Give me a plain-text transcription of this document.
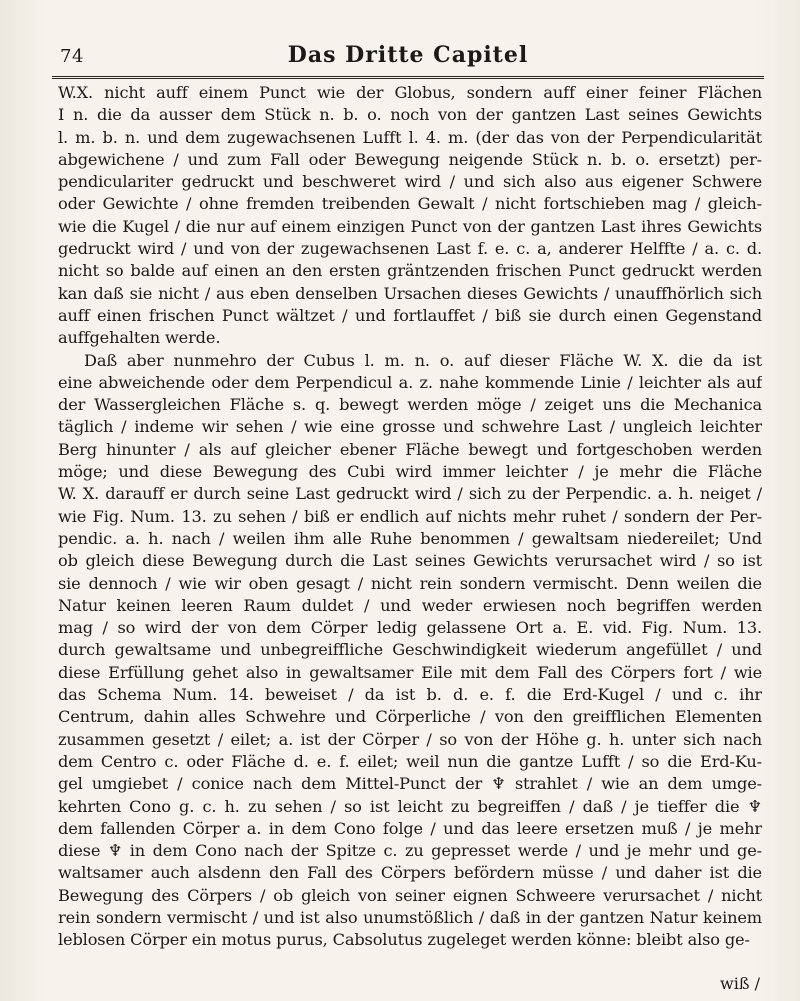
74	Das Dritte Capitel
W.X. nicht auff einem Punct wie der Globus, sondern auff einer feiner Flächen
I n. die da ausser dem Stück n. b. o. noch von der gantzen Last seines Gewichts
l. m. b. n. und dem zugewachsenen Lufft l. 4. m. (der das von der Perpendicularität
abgewichene / und zum Fall oder Bewegung neigende Stück n. b. o. ersetzt) per-
pendiculariter gedruckt und beschweret wird / und sich also aus eigener Schwere
oder Gewichte / ohne fremden treibenden Gewalt / nicht fortschieben mag / gleich-
wie die Kugel / die nur auf einem einzigen Punct von der gantzen Last ihres Gewichts
gedruckt wird / und von der zugewachsenen Last f. e. c. a, anderer Helffte / a. c. d.
nicht so balde auf einen an den ersten gräntzenden frischen Punct gedruckt werden
kan daß sie nicht / aus eben denselben Ursachen dieses Gewichts / unauffhörlich sich
auff einen frischen Punct wältzet / und fortlauffet / biß sie durch einen Gegenstand
auffgehalten werde.
Daß aber nunmehro der Cubus l. m. n. o. auf dieser Fläche W. X. die da ist
eine abweichende oder dem Perpendicul a. z. nahe kommende Linie / leichter als auf
der Wassergleichen Fläche s. q. bewegt werden möge / zeiget uns die Mechanica
täglich / indeme wir sehen / wie eine grosse und schwehre Last / ungleich leichter
Berg hinunter / als auf gleicher ebener Fläche bewegt und fortgeschoben werden
möge; und diese Bewegung des Cubi wird immer leichter / je mehr die Fläche
W. X. darauff er durch seine Last gedruckt wird / sich zu der Perpendic. a. h. neiget /
wie Fig. Num. 13. zu sehen / biß er endlich auf nichts mehr ruhet / sondern der Per-
pendic. a. h. nach / weilen ihm alle Ruhe benommen / gewaltsam niedereilet; Und
ob gleich diese Bewegung durch die Last seines Gewichts verursachet wird / so ist
sie dennoch / wie wir oben gesagt / nicht rein sondern vermischt. Denn weilen die
Natur keinen leeren Raum duldet / und weder erwiesen noch begriffen werden
mag / so wird der von dem Cörper ledig gelassene Ort a. E. vid. Fig. Num. 13.
durch gewaltsame und unbegreiffliche Geschwindigkeit wiederum angefüllet / und
diese Erfüllung gehet also in gewaltsamer Eile mit dem Fall des Cörpers fort / wie
das Schema Num. 14. beweiset / da ist b. d. e. f. die Erd-Kugel / und c. ihr
Centrum, dahin alles Schwehre und Cörperliche / von den greifflichen Elementen
zusammen gesetzt / eilet; a. ist der Cörper / so von der Höhe g. h. unter sich nach
dem Centro c. oder Fläche d. e. f. eilet; weil nun die gantze Lufft / so die Erd-Ku-
gel umgiebet / conice nach dem Mittel-Punct der ♆ strahlet / wie an dem umge-
kehrten Cono g. c. h. zu sehen / so ist leicht zu begreiffen / daß / je tieffer die ♆
dem fallenden Cörper a. in dem Cono folge / und das leere ersetzen muß / je mehr
diese ♆ in dem Cono nach der Spitze c. zu gepresset werde / und je mehr und ge-
waltsamer auch alsdenn den Fall des Cörpers befördern müsse / und daher ist die
Bewegung des Cörpers / ob gleich von seiner eignen Schweere verursachet / nicht
rein sondern vermischt / und ist also unumstößlich / daß in der gantzen Natur keinem
leblosen Cörper ein motus purus, Cabsolutus zugeleget werden könne: bleibt also ge-
wiß /
